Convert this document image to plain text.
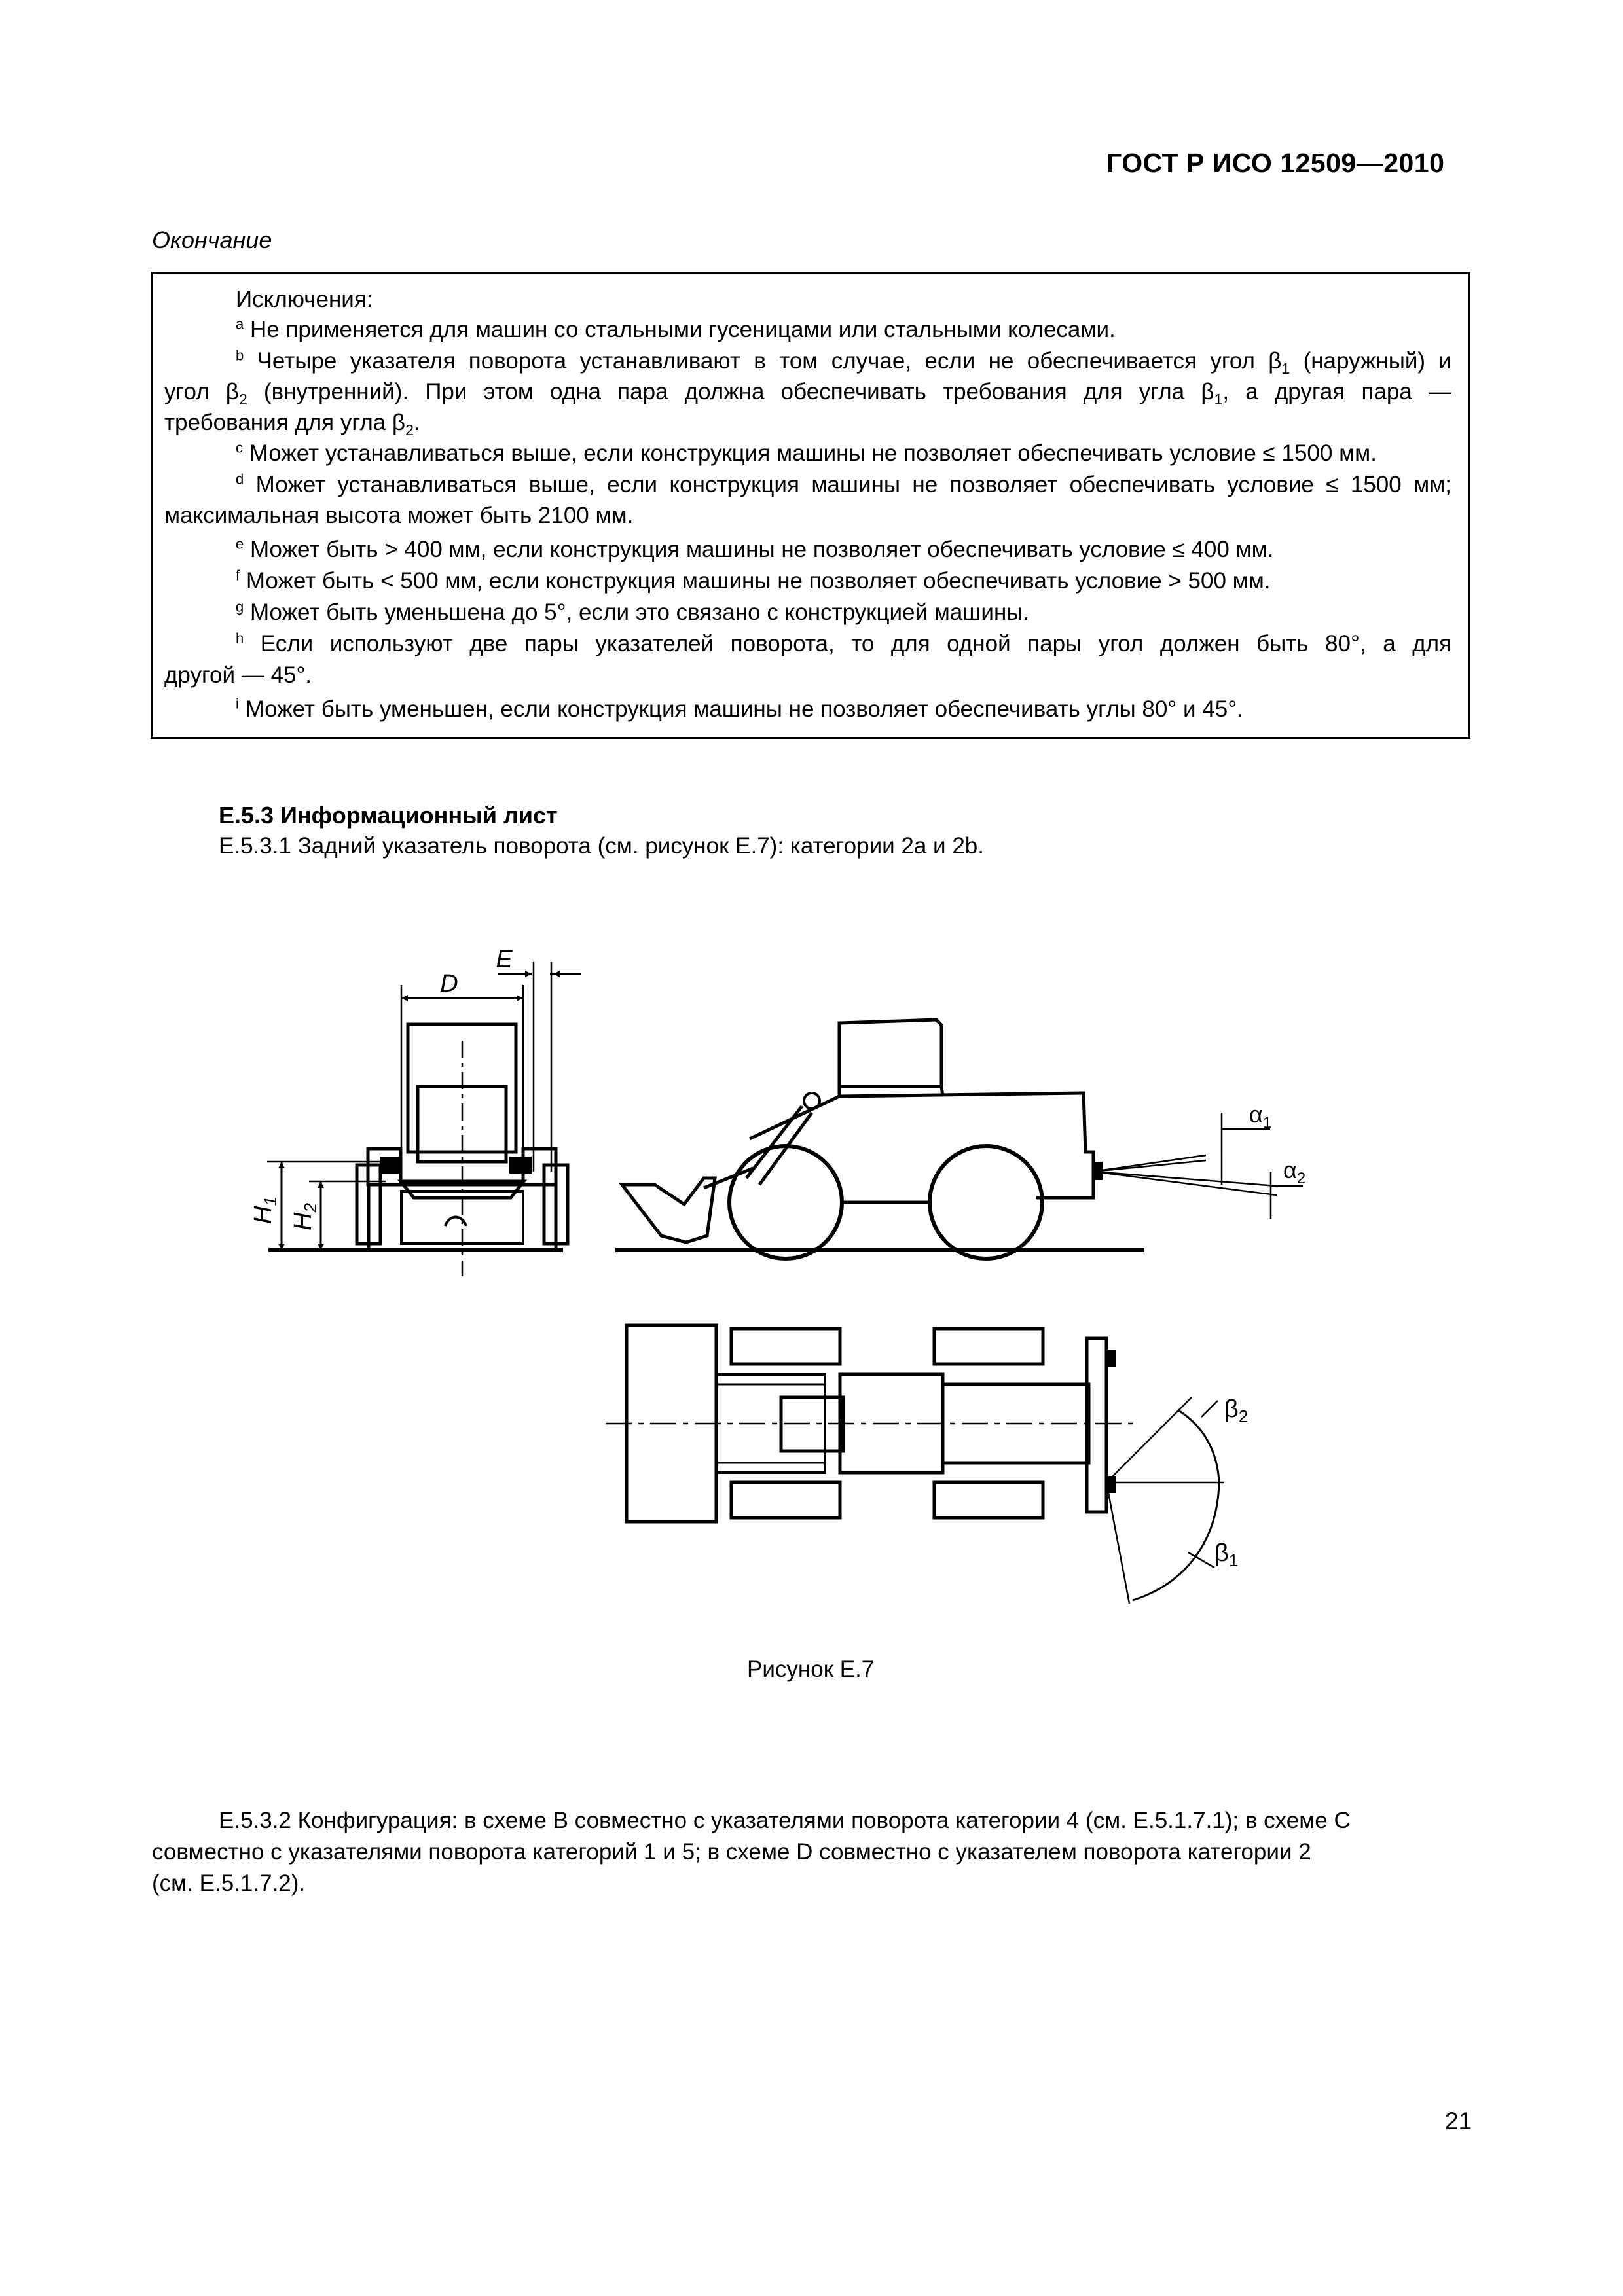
ГОСТ Р ИСО 12509—2010
Окончание
Исключения:
$^a$ Не применяется для машин со стальными гусеницами или стальными колесами.
$^b$ Четыре указателя поворота устанавливают в том случае, если не обеспечивается угол $\beta_1$ (наружный) и
угол $\beta_2$ (внутренний). При этом одна пара должна обеспечивать требования для угла $\beta_1$, а другая пара —
требования для угла $\beta_2$.
$^c$ Может устанавливаться выше, если конструкция машины не позволяет обеспечивать условие ≤ 1500 мм.
$^d$ Может устанавливаться выше, если конструкция машины не позволяет обеспечивать условие ≤ 1500 мм;
максимальная высота может быть 2100 мм.
$^e$ Может быть > 400 мм, если конструкция машины не позволяет обеспечивать условие ≤ 400 мм.
$^f$ Может быть < 500 мм, если конструкция машины не позволяет обеспечивать условие > 500 мм.
$^g$ Может быть уменьшена до 5°, если это связано с конструкцией машины.
$^h$ Если используют две пары указателей поворота, то для одной пары угол должен быть 80°, а для
другой — 45°.
$^i$ Может быть уменьшен, если конструкция машины не позволяет обеспечивать углы 80° и 45°.
Е.5.3 Информационный лист
Е.5.3.1 Задний указатель поворота (см. рисунок Е.7): категории 2a и 2b.
D
E
$H_1$
$H_2$
$\alpha_1$
$\alpha_2$
$\beta_2$
$\beta_1$
Рисунок Е.7
Е.5.3.2 Конфигурация: в схеме B совместно с указателями поворота категории 4 (см. Е.5.1.7.1); в схеме C
совместно с указателями поворота категорий 1 и 5; в схеме D совместно с указателем поворота категории 2
(см. Е.5.1.7.2).
21
